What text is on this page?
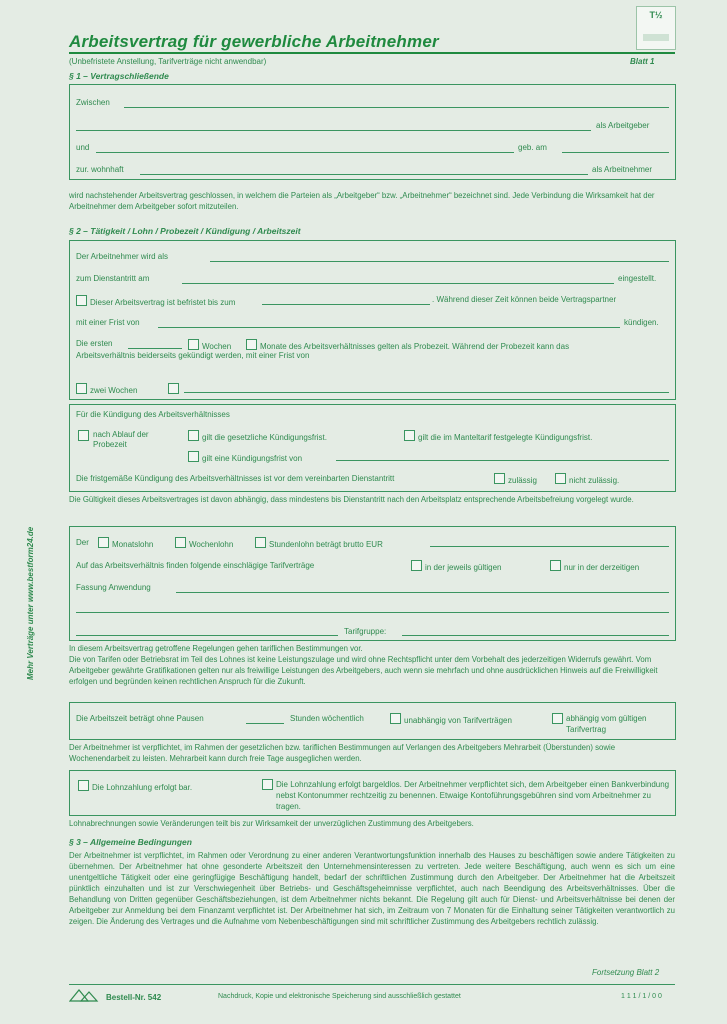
T½
Arbeitsvertrag für gewerbliche Arbeitnehmer
(Unbefristete Anstellung, Tarifverträge nicht anwendbar)	Blatt 1
Mehr Verträge unter www.bestform24.de
§ 1 – Vertragschließende
Zwischen
als Arbeitgeber
und	geb. am
zur. wohnhaft	als Arbeitnehmer
wird nachstehender Arbeitsvertrag geschlossen, in welchem die Parteien als „Arbeitgeber“ bzw. „Arbeitnehmer“ bezeichnet sind. Jede Verbindung die Wirksamkeit hat der Arbeitnehmer dem Arbeitgeber sofort mitzuteilen.
§ 2 – Tätigkeit / Lohn / Probezeit / Kündigung / Arbeitszeit
Der Arbeitnehmer wird als
zum Dienstantritt am	eingestellt.
Dieser Arbeitsvertrag ist befristet bis zum	. Während dieser Zeit können beide Vertragspartner
mit einer Frist von	kündigen.
Die ersten	Wochen	Monate des Arbeitsverhältnisses gelten als Probezeit. Während der Probezeit kann das
Arbeitsverhältnis beiderseits gekündigt werden, mit einer Frist von
zwei Wochen
Für die Kündigung des Arbeitsverhältnisses
nach Ablauf der Probezeit
gilt die gesetzliche Kündigungsfrist.	gilt die im Manteltarif festgelegte Kündigungsfrist.
gilt eine Kündigungsfrist von
Die fristgemäße Kündigung des Arbeitsverhältnisses ist vor dem vereinbarten Dienstantritt	zulässig	nicht zulässig.
Die Gültigkeit dieses Arbeitsvertrages ist davon abhängig, dass mindestens bis Dienstantritt nach den Arbeitsplatz entsprechende Arbeitsbefreiung vorgelegt wurde.
Der	Monatslohn	Wochenlohn	Stundenlohn beträgt brutto EUR
Auf das Arbeitsverhältnis finden folgende einschlägige Tarifverträge	in der jeweils gültigen	nur in der derzeitigen
Fassung Anwendung
Tarifgruppe:
In diesem Arbeitsvertrag getroffene Regelungen gehen tariflichen Bestimmungen vor.
Die von Tarifen oder Betriebsrat im Teil des Lohnes ist keine Leistungszulage und wird ohne Rechtspflicht unter dem Vorbehalt des jederzeitigen Widerrufs gewährt. Vom Arbeitgeber gewährte Gratifikationen gelten nur als freiwillige Leistungen des Arbeitgebers, auch wenn sie mehrfach und ohne ausdrücklichen Hinweis auf die Freiwilligkeit erfolgen und begründen keinen rechtlichen Anspruch für die Zukunft.
Die Arbeitszeit beträgt ohne Pausen	Stunden wöchentlich	unabhängig von Tarifverträgen	abhängig vom gültigen Tarifvertrag
Der Arbeitnehmer ist verpflichtet, im Rahmen der gesetzlichen bzw. tariflichen Bestimmungen auf Verlangen des Arbeitgebers Mehrarbeit (Überstunden) sowie Wochenendarbeit zu leisten. Mehrarbeit kann durch freie Tage ausgeglichen werden.
Die Lohnzahlung erfolgt bar.	Die Lohnzahlung erfolgt bargeldlos. Der Arbeitnehmer verpflichtet sich, dem Arbeitgeber einen Bankverbindung nebst Kontonummer rechtzeitig zu benennen. Etwaige Kontoführungsgebühren sind vom Arbeitnehmer zu tragen.
Lohnabrechnungen sowie Veränderungen teilt bis zur Wirksamkeit der unverzüglichen Zustimmung des Arbeitgebers.
§ 3 – Allgemeine Bedingungen
Der Arbeitnehmer ist verpflichtet, im Rahmen oder Verordnung zu einer anderen Verantwortungsfunktion innerhalb des Hauses zu beschäftigen sowie andere Tätigkeiten zu übernehmen. Der Arbeitnehmer hat ohne gesonderte Arbeitszeit den Unternehmensinteressen zu vertreten. Jede weitere Beschäftigung, auch wenn es sich um eine unentgeltliche Tätigkeit oder eine geringfügige Beschäftigung handelt, bedarf der schriftlichen Zustimmung durch den Arbeitgeber. Der Arbeitnehmer hat die Arbeitszeit pünktlich einzuhalten und ist zur Verschwiegenheit über Betriebs- und Geschäftsgeheimnisse verpflichtet, auch nach Beendigung des Arbeitsverhältnisses. Über die Behandlung von Dritten gegenüber Geschäftsbeziehungen, ist dem Arbeitnehmer nichts bekannt. Die Regelung gilt auch für Dienst- und Arbeitsverhältnisse bei denen der Arbeitgeber zur Anmeldung bei dem Finanzamt verpflichtet ist. Der Arbeitnehmer hat sich, im Zeitraum von 7 Monaten für die Einhaltung seiner Tätigkeiten verantwortlich zu zeigen. Die Änderung des Vertrages und die Aufnahme vom Nebenbeschäftigungen sind mit schriftlicher Zustimmung des Arbeitgebers rechtlich zulässig.
Fortsetzung Blatt 2
Bestell-Nr. 542	Nachdruck, Kopie und elektronische Speicherung sind ausschließlich gestattet	1 1 1 / 1 / 0 0
